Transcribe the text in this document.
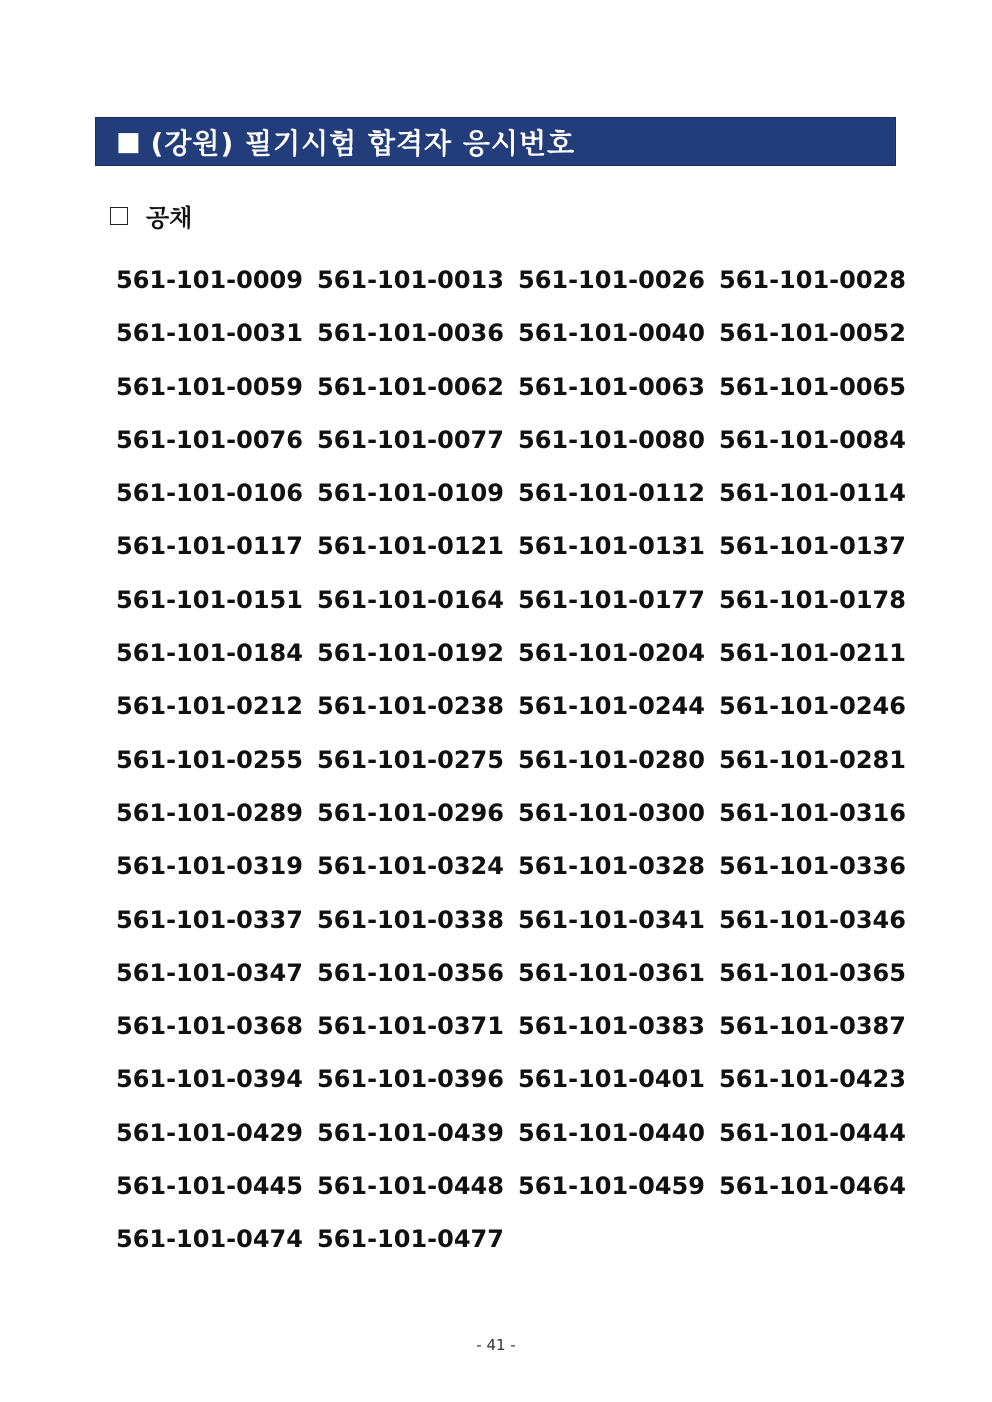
■ (강원) 필기시험 합격자 응시번호
공채
561-101-0009 561-101-0013 561-101-0026 561-101-0028
561-101-0031 561-101-0036 561-101-0040 561-101-0052
561-101-0059 561-101-0062 561-101-0063 561-101-0065
561-101-0076 561-101-0077 561-101-0080 561-101-0084
561-101-0106 561-101-0109 561-101-0112 561-101-0114
561-101-0117 561-101-0121 561-101-0131 561-101-0137
561-101-0151 561-101-0164 561-101-0177 561-101-0178
561-101-0184 561-101-0192 561-101-0204 561-101-0211
561-101-0212 561-101-0238 561-101-0244 561-101-0246
561-101-0255 561-101-0275 561-101-0280 561-101-0281
561-101-0289 561-101-0296 561-101-0300 561-101-0316
561-101-0319 561-101-0324 561-101-0328 561-101-0336
561-101-0337 561-101-0338 561-101-0341 561-101-0346
561-101-0347 561-101-0356 561-101-0361 561-101-0365
561-101-0368 561-101-0371 561-101-0383 561-101-0387
561-101-0394 561-101-0396 561-101-0401 561-101-0423
561-101-0429 561-101-0439 561-101-0440 561-101-0444
561-101-0445 561-101-0448 561-101-0459 561-101-0464
561-101-0474 561-101-0477
- 41 -
